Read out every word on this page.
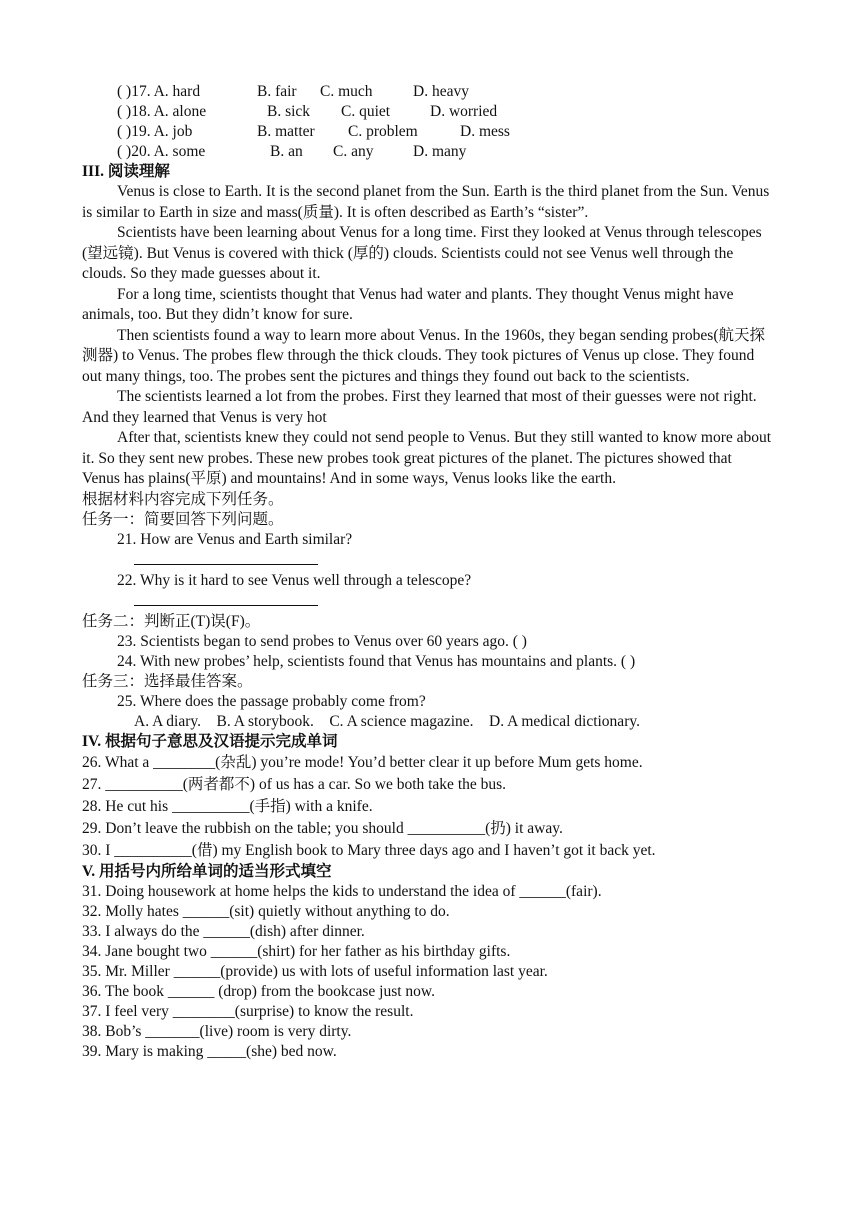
( )17. A. hard	B. fair C. much	D. heavy
( )18. A. alone	B. sick C. quiet	D. worried
( )19. A. job	B. matter C. problem	D. mess
( )20. A. some	B. an C. any	D. many
III. 阅读理解
Venus is close to Earth. It is the second planet from the Sun. Earth is the third planet from the Sun. Venus is similar to Earth in size and mass(质量). It is often described as Earth’s “sister”.
Scientists have been learning about Venus for a long time. First they looked at Venus through telescopes (望远镜). But Venus is covered with thick (厚的) clouds. Scientists could not see Venus well through the clouds. So they made guesses about it.
For a long time, scientists thought that Venus had water and plants. They thought Venus might have animals, too. But they didn’t know for sure.
Then scientists found a way to learn more about Venus. In the 1960s, they began sending probes(航天探测器) to Venus. The probes flew through the thick clouds. They took pictures of Venus up close. They found out many things, too. The probes sent the pictures and things they found out back to the scientists.
The scientists learned a lot from the probes. First they learned that most of their guesses were not right. And they learned that Venus is very hot
After that, scientists knew they could not send people to Venus. But they still wanted to know more about it. So they sent new probes. These new probes took great pictures of the planet. The pictures showed that Venus has plains(平原) and mountains! And in some ways, Venus looks like the earth.
根据材料内容完成下列任务。
任务一：简要回答下列问题。
21. How are Venus and Earth similar?
22. Why is it hard to see Venus well through a telescope?
任务二：判断正(T)误(F)。
23. Scientists began to send probes to Venus over 60 years ago. ( )
24. With new probes’ help, scientists found that Venus has mountains and plants. ( )
任务三：选择最佳答案。
25. Where does the passage probably come from?
A. A diary.    B. A storybook.    C. A science magazine.    D. A medical dictionary.
IV. 根据句子意思及汉语提示完成单词
26. What a ________(杂乱) you’re mode! You’d better clear it up before Mum gets home.
27. __________(两者都不) of us has a car. So we both take the bus.
28. He cut his __________(手指) with a knife.
29. Don’t leave the rubbish on the table; you should __________(扔) it away.
30. I __________(借) my English book to Mary three days ago and I haven’t got it back yet.
V. 用括号内所给单词的适当形式填空
31. Doing housework at home helps the kids to understand the idea of ______(fair).
32. Molly hates ______(sit) quietly without anything to do.
33. I always do the ______(dish) after dinner.
34. Jane bought two ______(shirt) for her father as his birthday gifts.
35. Mr. Miller ______(provide) us with lots of useful information last year.
36. The book ______ (drop) from the bookcase just now.
37. I feel very ________(surprise) to know the result.
38. Bob’s _______(live) room is very dirty.
39. Mary is making _____(she) bed now.
